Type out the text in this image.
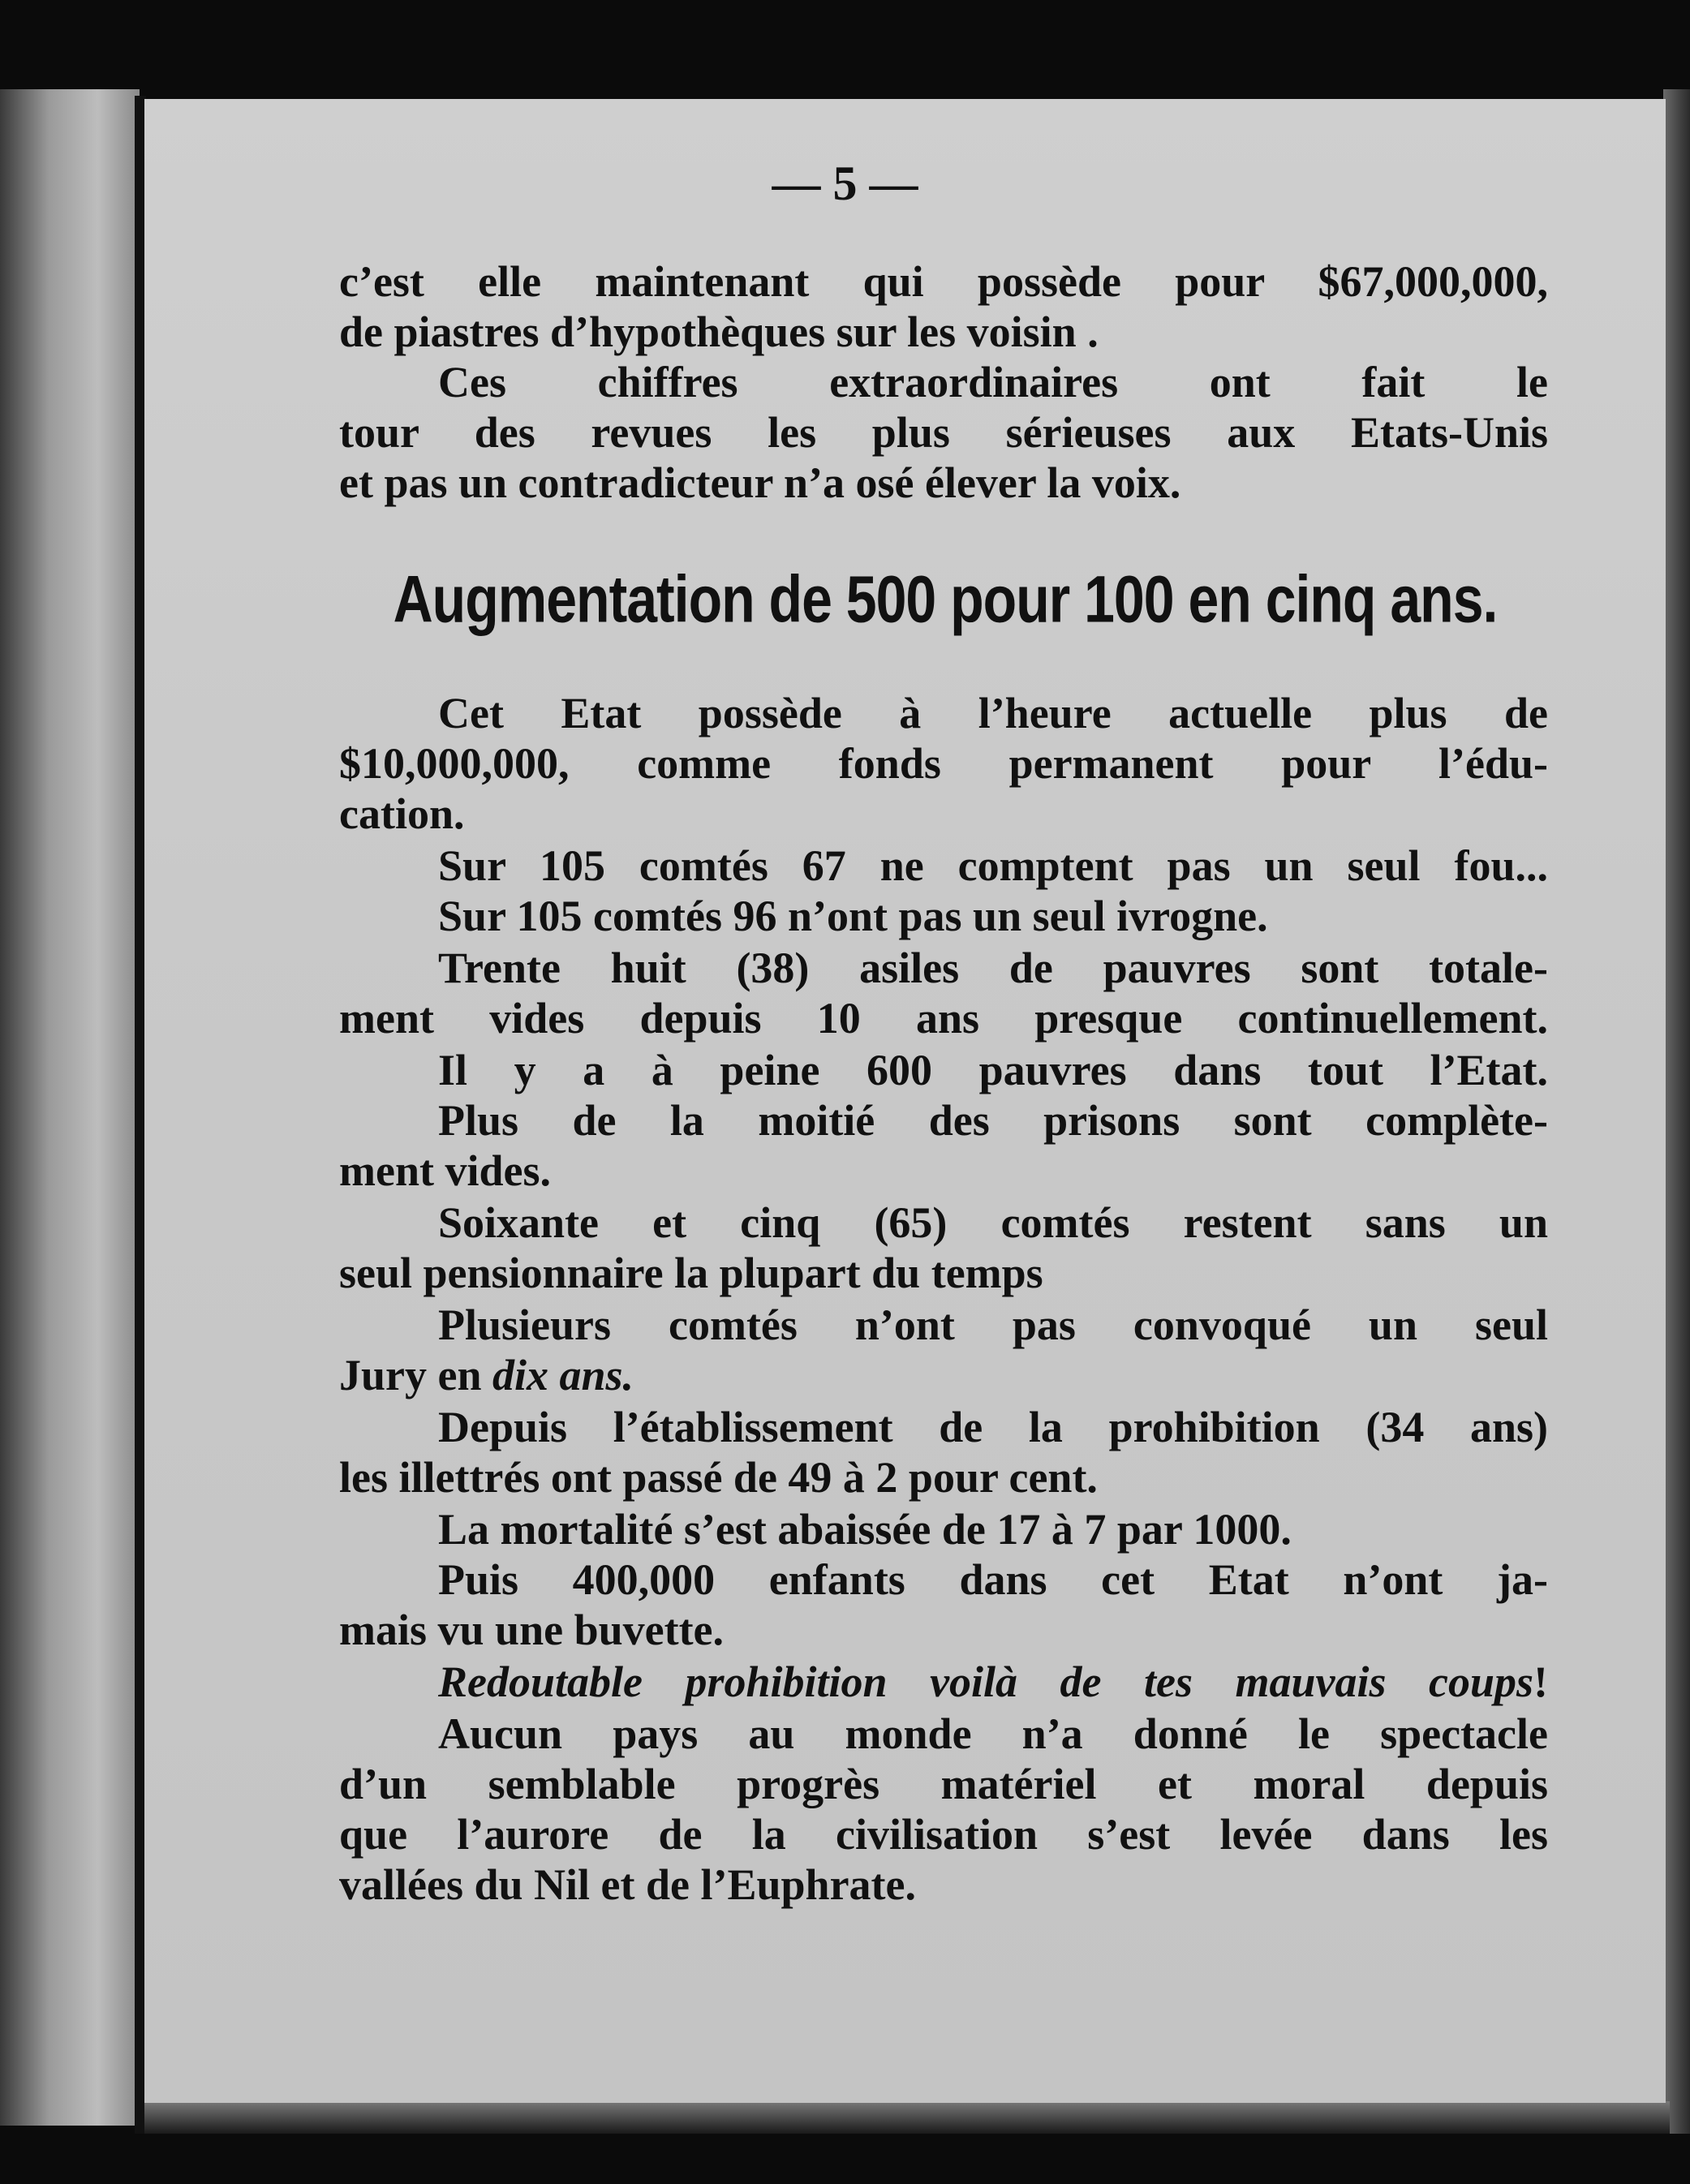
— 5 —
c’est elle maintenant qui possède pour $67,000,000,
de piastres d’hypothèques sur les voisin .
Ces chiffres extraordinaires ont fait le
tour des revues les plus sérieuses aux Etats-Unis
et pas un contradicteur n’a osé élever la voix.
Augmentation de 500 pour 100 en cinq ans.
Cet Etat possède à l’heure actuelle plus de
$10,000,000, comme fonds permanent pour l’édu-
cation.
Sur 105 comtés 67 ne comptent pas un seul fou...
Sur 105 comtés 96 n’ont pas un seul ivrogne.
Trente huit (38) asiles de pauvres sont totale-
ment vides depuis 10 ans presque continuellement.
Il y a à peine 600 pauvres dans tout l’Etat.
Plus de la moitié des prisons sont complète-
ment vides.
Soixante et cinq (65) comtés restent sans un
seul pensionnaire la plupart du temps
Plusieurs comtés n’ont pas convoqué un seul
Jury en dix ans.
Depuis l’établissement de la prohibition (34 ans)
les illettrés ont passé de 49 à 2 pour cent.
La mortalité s’est abaissée de 17 à 7 par 1000.
Puis 400,000 enfants dans cet Etat n’ont ja-
mais vu une buvette.
Redoutable prohibition voilà de tes mauvais coups!
Aucun pays au monde n’a donné le spectacle
d’un semblable progrès matériel et moral depuis
que l’aurore de la civilisation s’est levée dans les
vallées du Nil et de l’Euphrate.
